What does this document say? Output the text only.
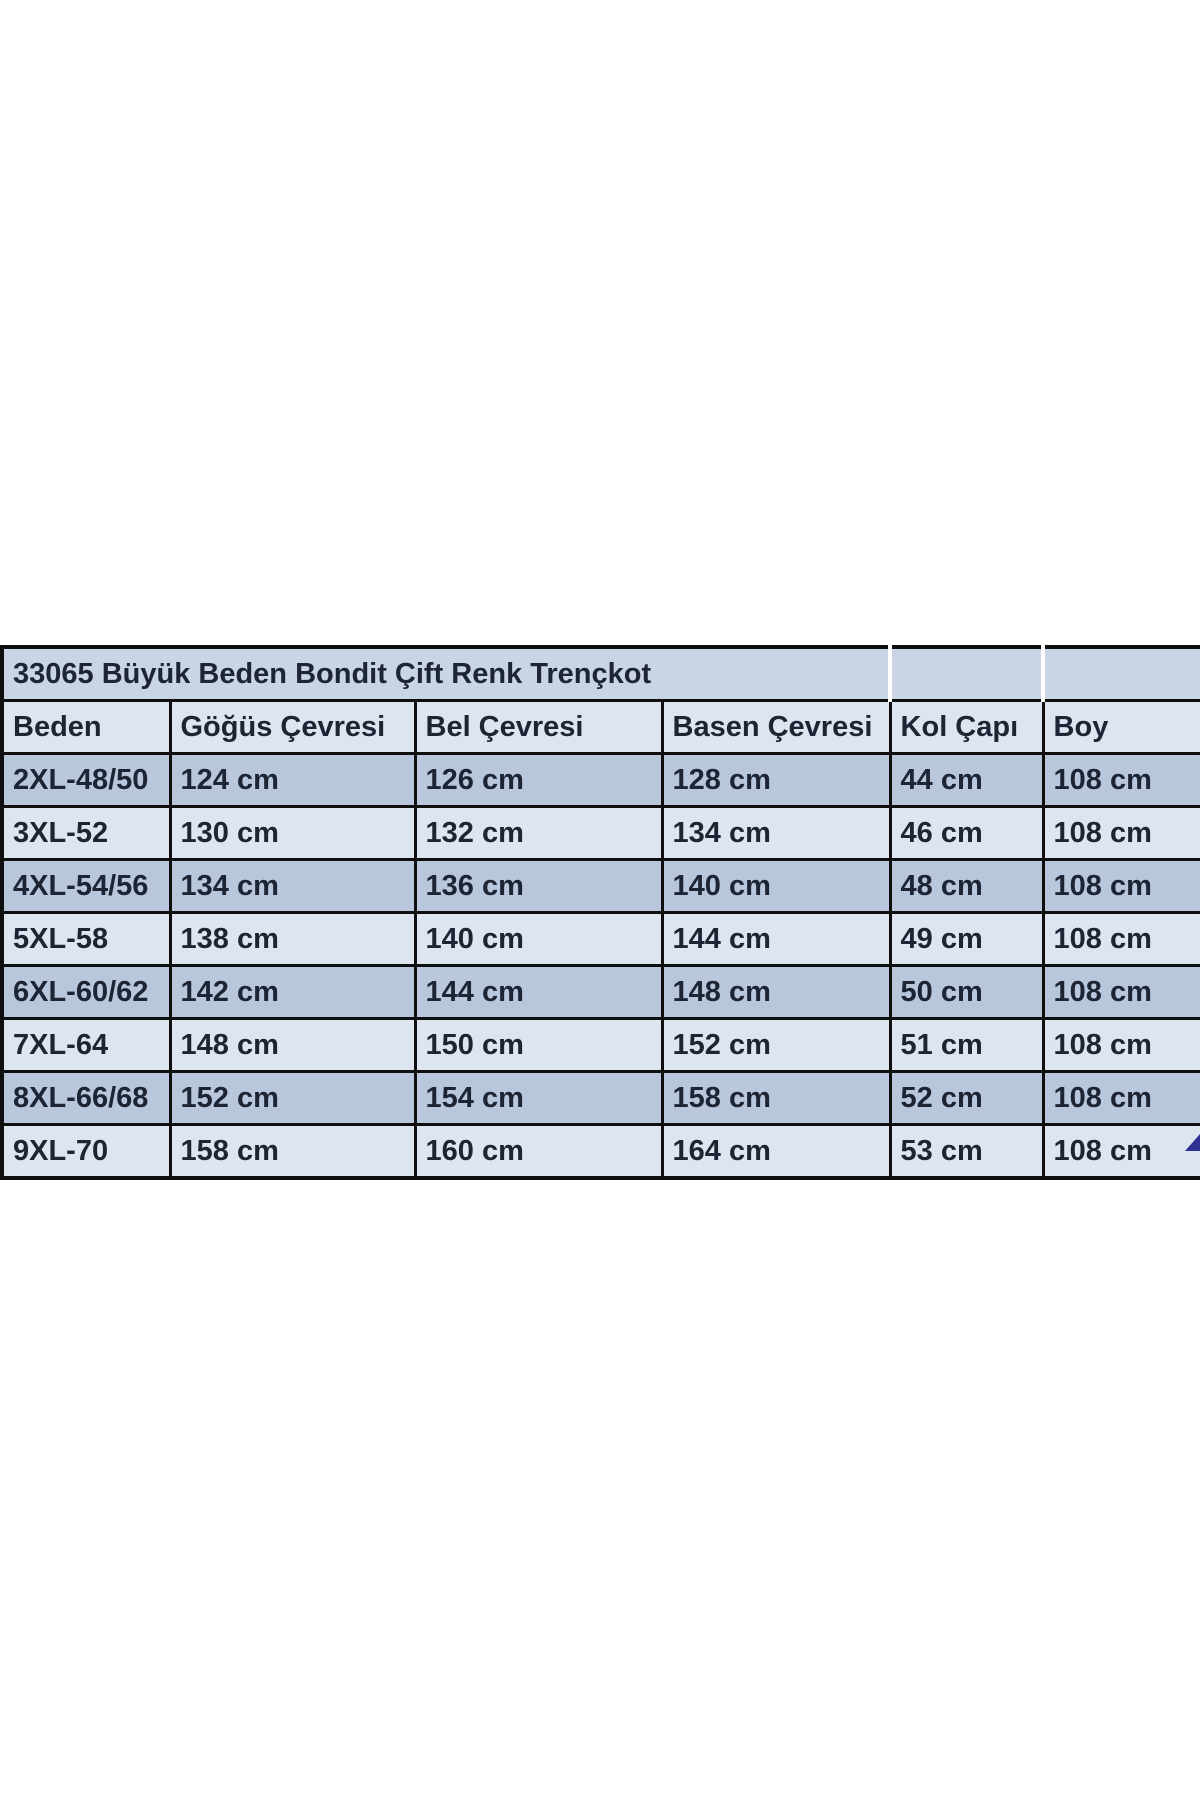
33065 Büyük Beden Bondit Çift Renk Trençkot					
Beden	Göğüs Çevresi	Bel Çevresi	Basen Çevresi	Kol Çapı	Boy
2XL-48/50	124 cm	126 cm	128 cm	44 cm	108 cm
3XL-52	130 cm	132 cm	134 cm	46 cm	108 cm
4XL-54/56	134 cm	136 cm	140 cm	48 cm	108 cm
5XL-58	138 cm	140 cm	144 cm	49 cm	108 cm
6XL-60/62	142 cm	144 cm	148 cm	50 cm	108 cm
7XL-64	148 cm	150 cm	152 cm	51 cm	108 cm
8XL-66/68	152 cm	154 cm	158 cm	52 cm	108 cm
9XL-70	158 cm	160 cm	164 cm	53 cm	108 cm
